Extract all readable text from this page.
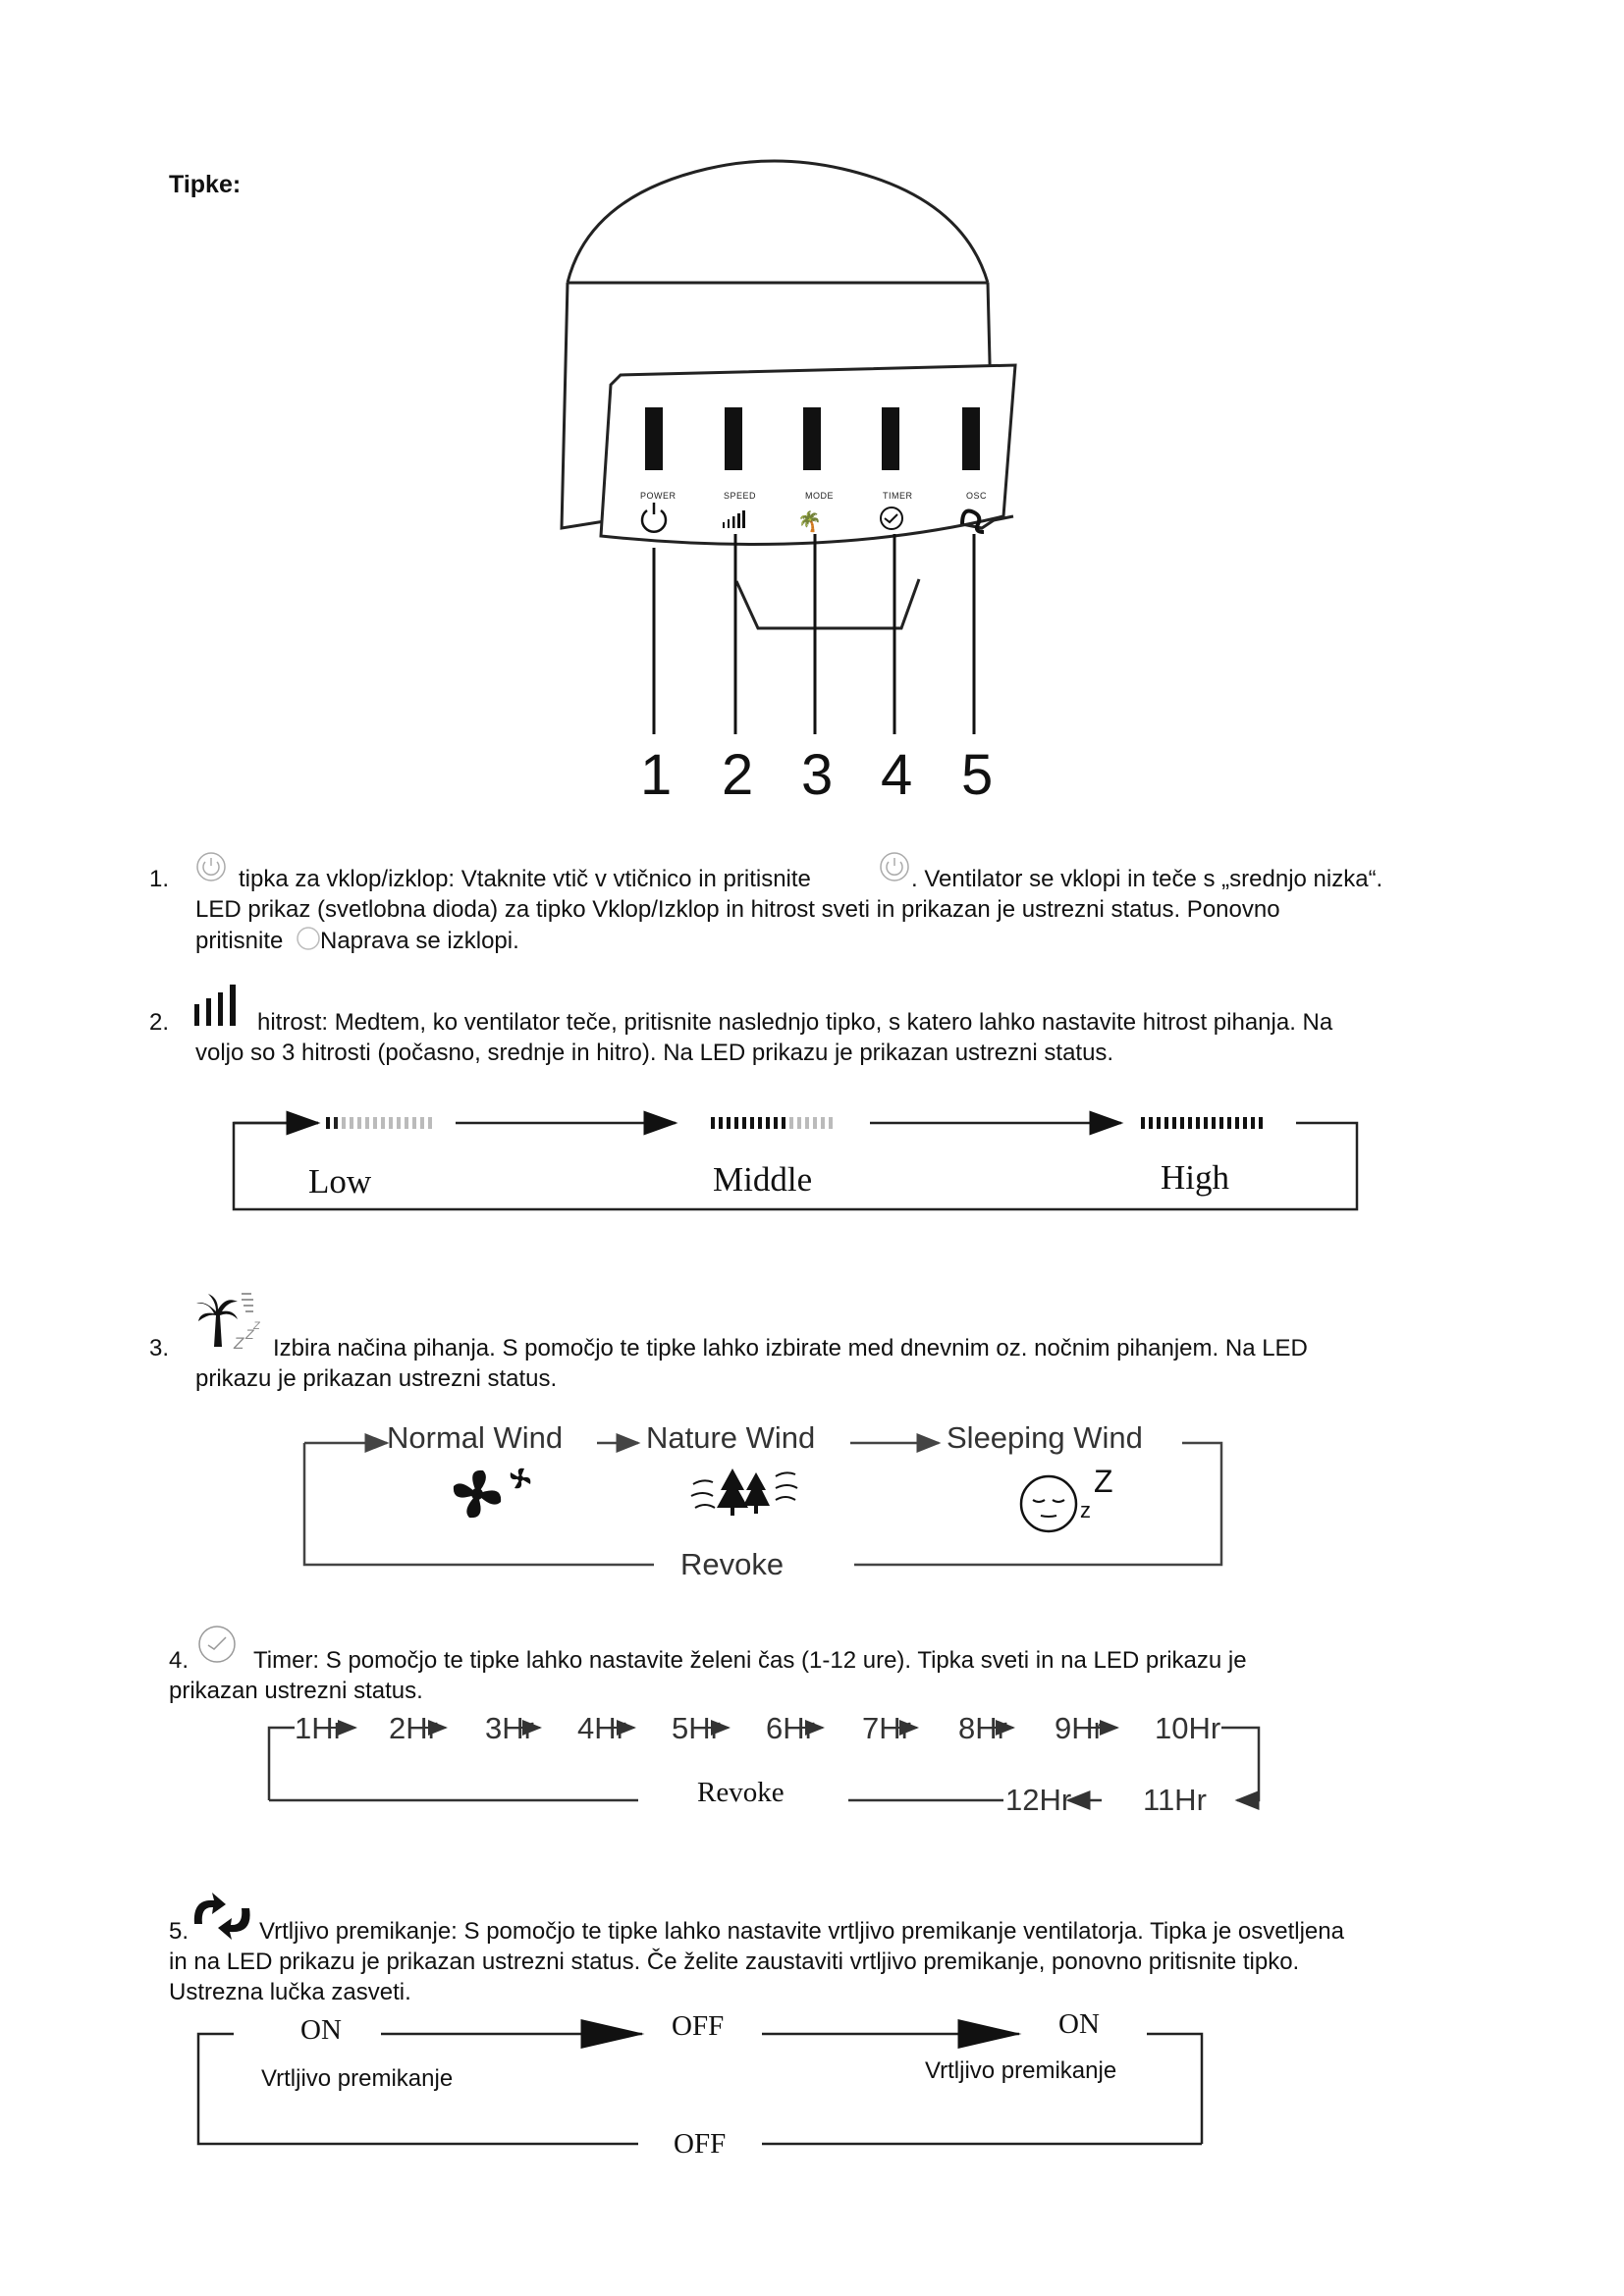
Tipke:
🌴
POWER	SPEED	MODE	TIMER	OSC
1 2 3 4 5
1.	tipka za vklop/izklop: Vtaknite vtič v vtičnico in pritisnite	. Ventilator se vklopi in teče s „srednjo nizka“.
LED prikaz (svetlobna dioda) za tipko Vklop/Izklop in hitrost sveti in prikazan je ustrezni status. Ponovno
pritisnite Naprava se izklopi.
2.	hitrost: Medtem, ko ventilator teče, pritisnite naslednjo tipko, s katero lahko nastavite hitrost pihanja. Na
voljo so 3 hitrosti (počasno, srednje in hitro). Na LED prikazu je prikazan ustrezni status.
Low	Middle	High
3.	Z Z Z
Izbira načina pihanja. S pomočjo te tipke lahko izbirate med dnevnim oz. nočnim pihanjem. Na LED
prikazu je prikazan ustrezni status.
z
Z
Normal Wind	Nature Wind	Sleeping Wind
Revoke
4.	Timer: S pomočjo te tipke lahko nastavite želeni čas (1-12 ure). Tipka sveti in na LED prikazu je
prikazan ustrezni status.
1Hr 2Hr 3Hr 4Hr 5Hr 6Hr 7Hr 8Hr 9Hr 10Hr
11Hr
12Hr
Revoke
5.	Vrtljivo premikanje: S pomočjo te tipke lahko nastavite vrtljivo premikanje ventilatorja. Tipka je osvetljena
in na LED prikazu je prikazan ustrezni status. Če želite zaustaviti vrtljivo premikanje, ponovno pritisnite tipko.
Ustrezna lučka zasveti.
ON	OFF	ON
OFF
Vrtljivo premikanje	Vrtljivo premikanje
